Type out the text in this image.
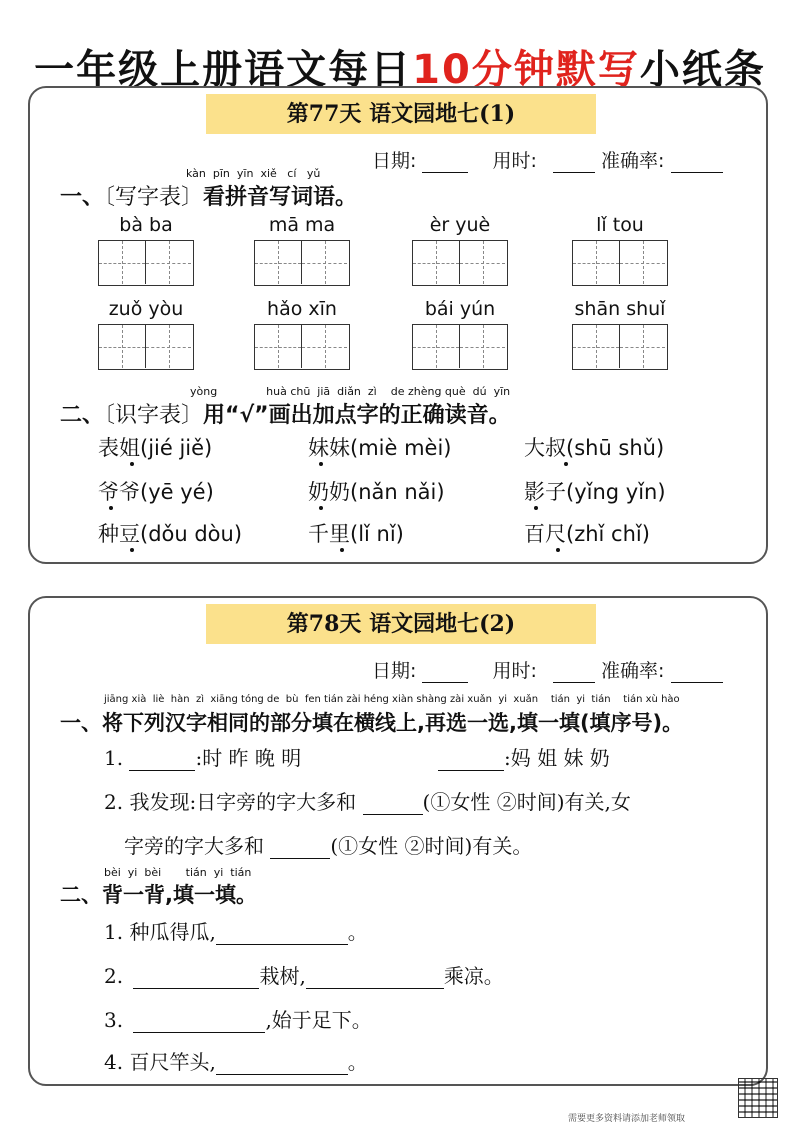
一年级上册语文每日10分钟默写小纸条
第77天 语文园地七(1)
日期:	用时:	准确率:
kàn pīn yīn xiě cí yǔ
一、〔写字表〕看拼音写词语。
bà ba	mā ma	èr yuè	lǐ tou
zuǒ yòu	hǎo xīn	bái yún	shān shuǐ
yòng              huà chū  jiā  diǎn  zì    de zhèng què  dú  yīn
二、〔识字表〕用“√”画出加点字的正确读音。
表姐(jié jiě)	妹妹(miè mèi)	大叔(shū shǔ)
爷爷(yē yé)	奶奶(nǎn nǎi)	影子(yǐng yǐn)
种豆(dǒu dòu)	千里(lǐ nǐ)	百尺(zhǐ chǐ)
第78天 语文园地七(2)
日期:	用时:	准确率:
jiāng xià  liè  hàn  zì  xiāng tóng de  bù  fen tián zài héng xiàn shàng zài xuǎn  yi  xuǎn    tián  yi  tián    tián xù hào
一、将下列汉字相同的部分填在横线上,再选一选,填一填(填序号)。
1.	:时 昨 晚 明	:妈 姐 妹 奶
2. 我发现:日字旁的字大多和	(①女性 ②时间)有关,女
字旁的字大多和	(①女性 ②时间)有关。
bèi  yi  bèi       tián  yi  tián
二、背一背,填一填。
1. 种瓜得瓜,	。
2.	栽树,	乘凉。
3.	,始于足下。
4. 百尺竿头,	。
需要更多资料请添加老师领取
